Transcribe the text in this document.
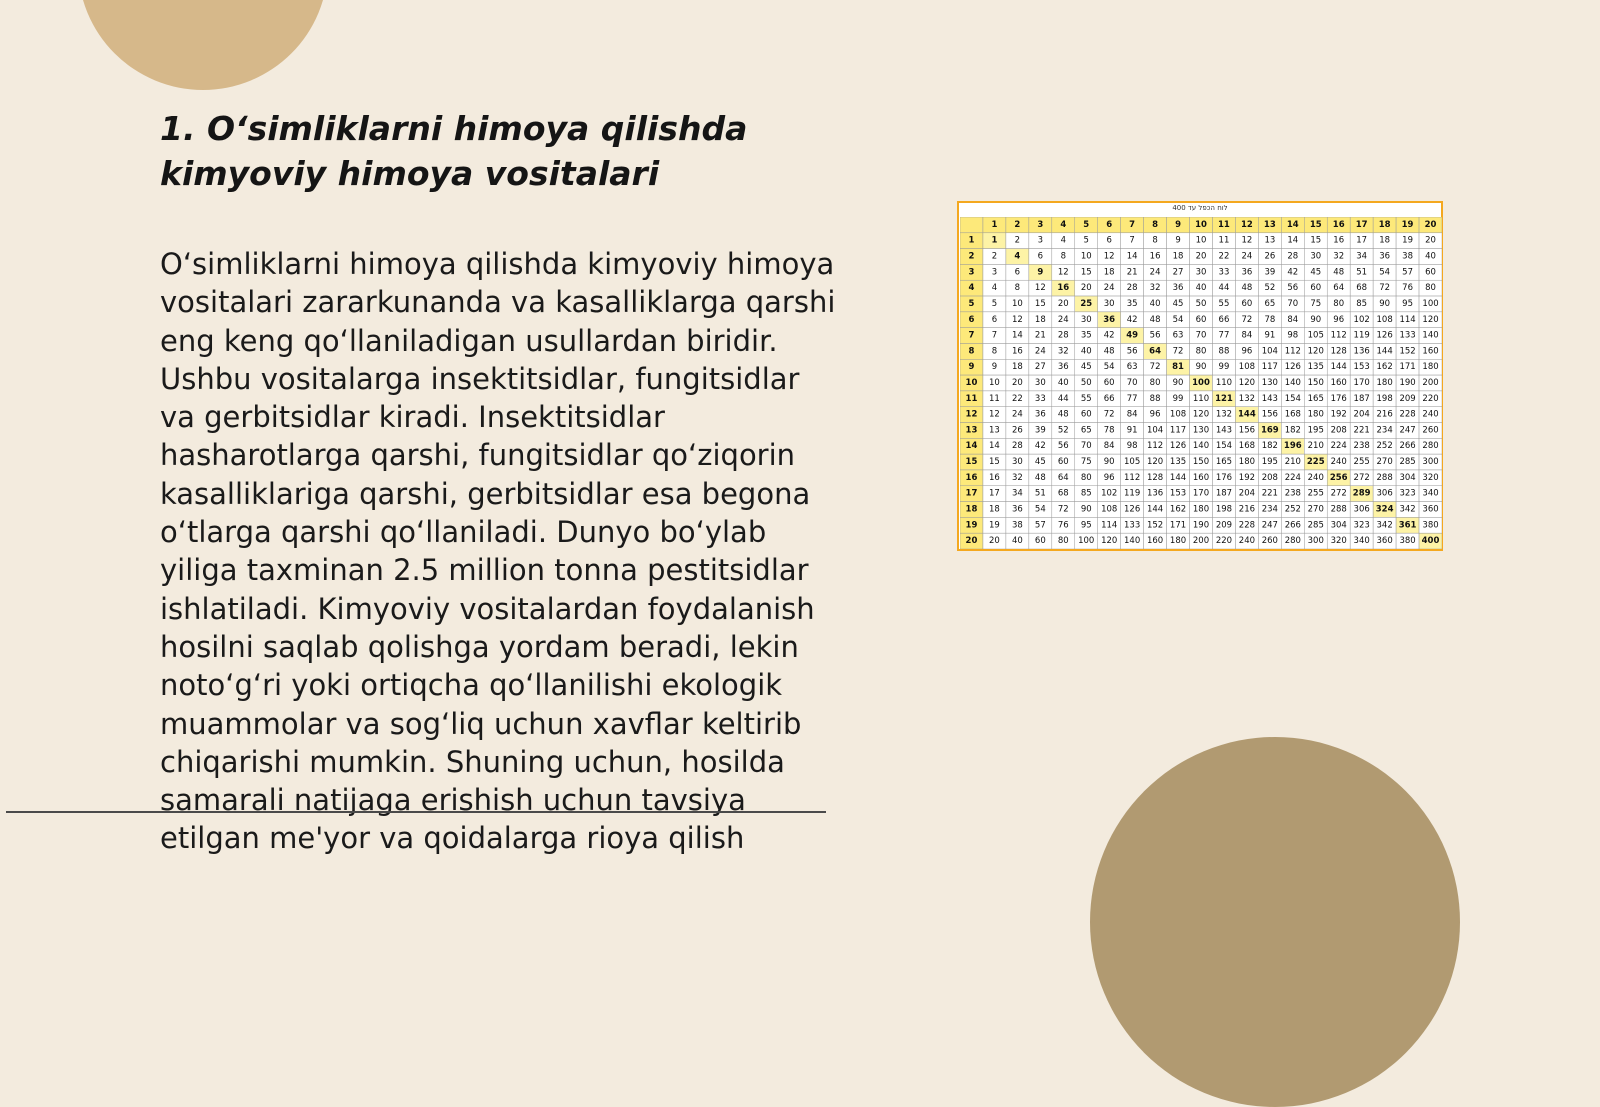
1. O‘simliklarni himoya qilishda kimyoviy himoya vositalari

O‘simliklarni himoya qilishda kimyoviy himoya vositalari zararkunanda va kasalliklarga qarshi eng keng qo‘llaniladigan usullardan biridir. Ushbu vositalarga insektitsidlar, fungitsidlar va gerbitsidlar kiradi. Insektitsidlar hasharotlarga qarshi, fungitsidlar qo‘ziqorin kasalliklariga qarshi, gerbitsidlar esa begona o‘tlarga qarshi qo‘llaniladi. Dunyo bo‘ylab yiliga taxminan 2.5 million tonna pestitsidlar ishlatiladi. Kimyoviy vositalardan foydalanish hosilni saqlab qolishga yordam beradi, lekin noto‘g‘ri yoki ortiqcha qo‘llanilishi ekologik muammolar va sog‘liq uchun xavflar keltirib chiqarishi mumkin. Shuning uchun, hosilda samarali natijaga erishish uchun tavsiya etilgan me'yor va qoidalarga rioya qilish

לוח הכפל עד 400
1 2 3 4 5 6 7 8 9 10 11 12 13 14 15 16 17 18 19 20
1 1 2 3 4 5 6 7 8 9 10 11 12 13 14 15 16 17 18 19 20
2 2 4 6 8 10 12 14 16 18 20 22 24 26 28 30 32 34 36 38 40
3 3 6 9 12 15 18 21 24 27 30 33 36 39 42 45 48 51 54 57 60
4 4 8 12 16 20 24 28 32 36 40 44 48 52 56 60 64 68 72 76 80
5 5 10 15 20 25 30 35 40 45 50 55 60 65 70 75 80 85 90 95 100
6 6 12 18 24 30 36 42 48 54 60 66 72 78 84 90 96 102 108 114 120
7 7 14 21 28 35 42 49 56 63 70 77 84 91 98 105 112 119 126 133 140
8 8 16 24 32 40 48 56 64 72 80 88 96 104 112 120 128 136 144 152 160
9 9 18 27 36 45 54 63 72 81 90 99 108 117 126 135 144 153 162 171 180
10 10 20 30 40 50 60 70 80 90 100 110 120 130 140 150 160 170 180 190 200
11 11 22 33 44 55 66 77 88 99 110 121 132 143 154 165 176 187 198 209 220
12 12 24 36 48 60 72 84 96 108 120 132 144 156 168 180 192 204 216 228 240
13 13 26 39 52 65 78 91 104 117 130 143 156 169 182 195 208 221 234 247 260
14 14 28 42 56 70 84 98 112 126 140 154 168 182 196 210 224 238 252 266 280
15 15 30 45 60 75 90 105 120 135 150 165 180 195 210 225 240 255 270 285 300
16 16 32 48 64 80 96 112 128 144 160 176 192 208 224 240 256 272 288 304 320
17 17 34 51 68 85 102 119 136 153 170 187 204 221 238 255 272 289 306 323 340
18 18 36 54 72 90 108 126 144 162 180 198 216 234 252 270 288 306 324 342 360
19 19 38 57 76 95 114 133 152 171 190 209 228 247 266 285 304 323 342 361 380
20 20 40 60 80 100 120 140 160 180 200 220 240 260 280 300 320 340 360 380 400
